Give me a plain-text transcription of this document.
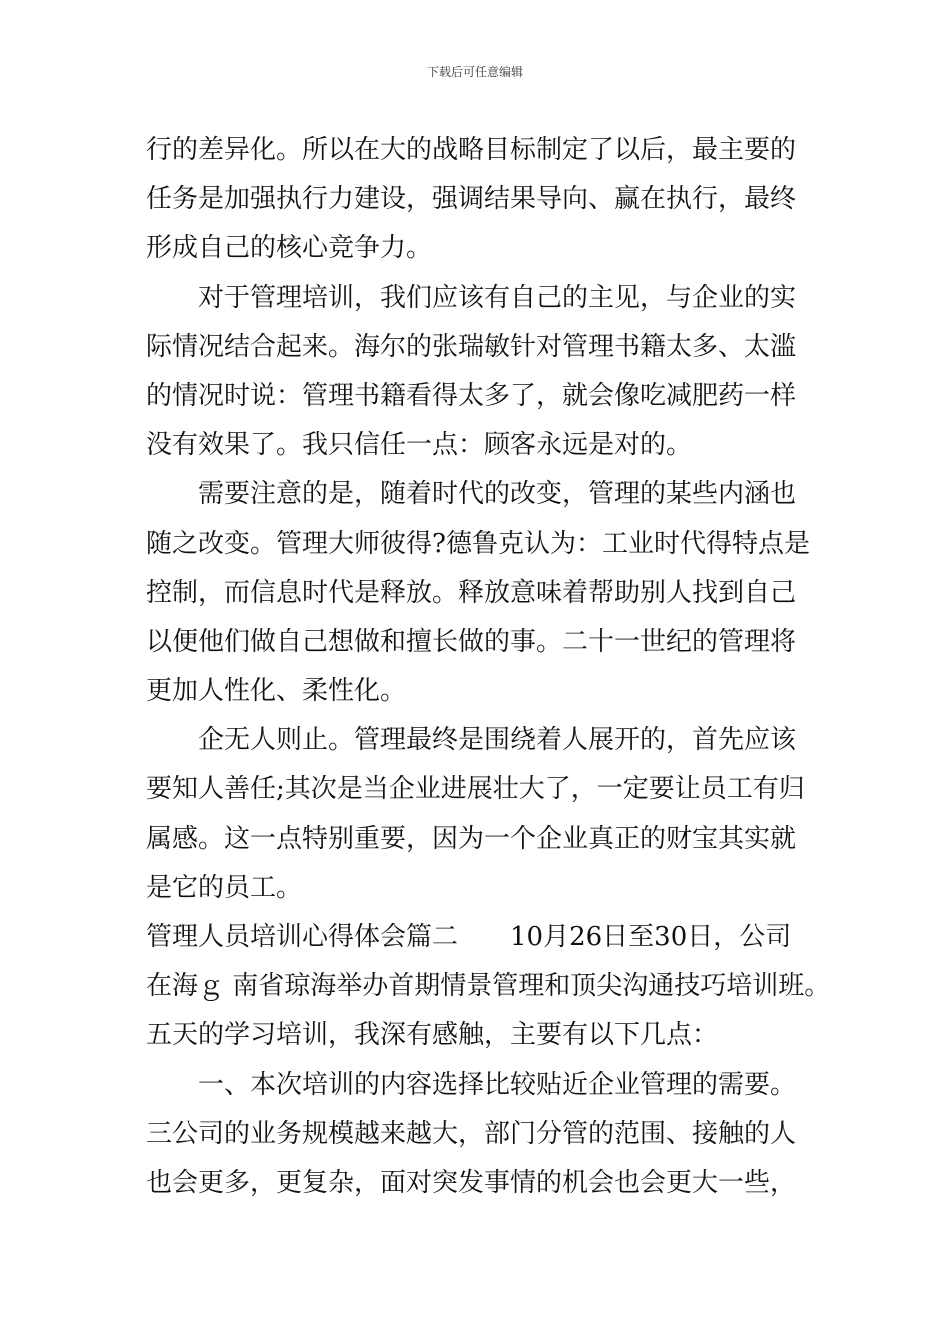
下载后可任意编辑
行的差异化。所以在大的战略目标制定了以后，最主要的
任务是加强执行力建设，强调结果导向、赢在执行，最终
形成自己的核心竞争力。
对于管理培训，我们应该有自己的主见，与企业的实
际情况结合起来。海尔的张瑞敏针对管理书籍太多、太滥
的情况时说：管理书籍看得太多了，就会像吃减肥药一样
没有效果了。我只信任一点：顾客永远是对的。
需要注意的是，随着时代的改变，管理的某些内涵也
随之改变。管理大师彼得?德鲁克认为：工业时代得特点是
控制，而信息时代是释放。释放意味着帮助别人找到自己
以便他们做自己想做和擅长做的事。二十一世纪的管理将
更加人性化、柔性化。
企无人则止。管理最终是围绕着人展开的，首先应该
要知人善任;其次是当企业进展壮大了，一定要让员工有归
属感。这一点特别重要，因为一个企业真正的财宝其实就
是它的员工。
管理人员培训心得体会篇二 10月26日至30日，公司
在海ｇ 南省琼海举办首期情景管理和顶尖沟通技巧培训班。
五天的学习培训，我深有感触，主要有以下几点：
一、本次培训的内容选择比较贴近企业管理的需要。
三公司的业务规模越来越大，部门分管的范围、接触的人
也会更多，更复杂，面对突发事情的机会也会更大一些，
